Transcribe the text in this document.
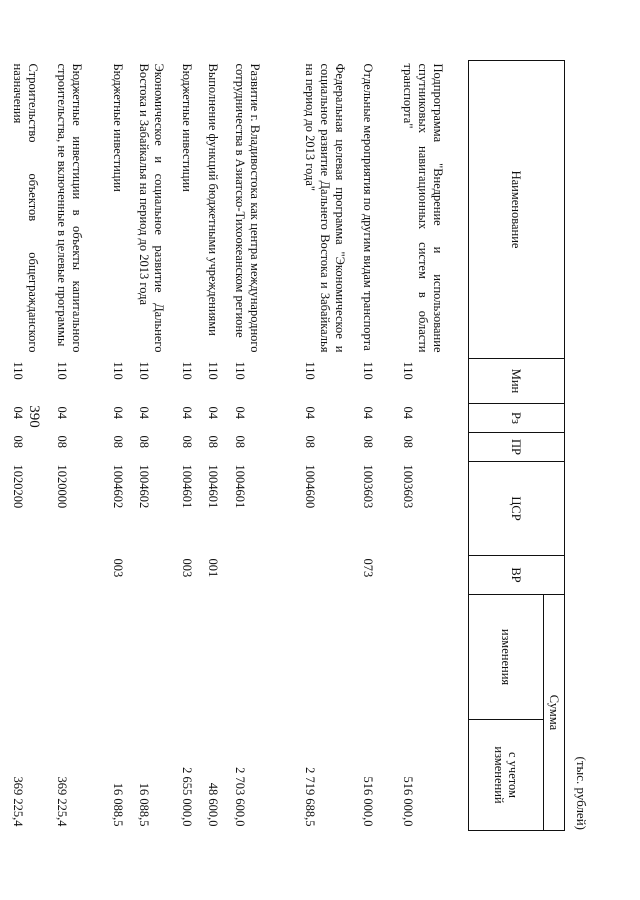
390
(тыс. рублей)
Наименование	Мин	Рз	ПР	ЦСР	ВР	Сумма	
						изменения	с учетом изменений
Подпрограмма "Внедрение и использование спутниковых навигационных систем в области транспорта"	110	04	08	1003603			516 000,0
Отдельные мероприятия по другим видам транспорта	110	04	08	1003603	073		516 000,0
Федеральная целевая программа "Экономическое и социальное развитие Дальнего Востока и Забайкалья на период до 2013 года"	110	04	08	1004600			2 719 688,5
Развитие г. Владивостока как центра международного сотрудничества в Азиатско-Тихоокеанском регионе	110	04	08	1004601			2 703 600,0
Выполнение функций бюджетными учреждениями	110	04	08	1004601	001		48 600,0
Бюджетные инвестиции	110	04	08	1004601	003		2 655 000,0
Экономическое и социальное развитие Дальнего Востока и Забайкалья на период до 2013 года	110	04	08	1004602			16 088,5
Бюджетные инвестиции	110	04	08	1004602	003		16 088,5
Бюджетные инвестиции в объекты капитального строительства, не включенные в целевые программы	110	04	08	1020000			369 225,4
Строительство объектов общегражданского назначения	110	04	08	1020200			369 225,4
